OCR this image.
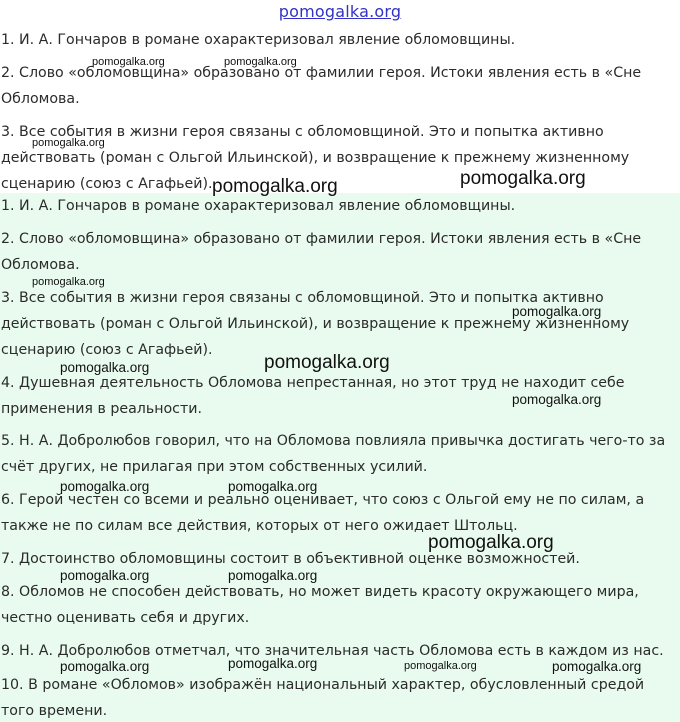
pomogalka.org
1. И. А. Гончаров в романе охарактеризовал явление обломовщины.
2. Слово «обломовщина» образовано от фамилии героя. Истоки явления есть в «Сне
Обломова.
3. Все события в жизни героя связаны с обломовщиной. Это и попытка активно
действовать (роман с Ольгой Ильинской), и возвращение к прежнему жизненному
сценарию (союз с Агафьей).
1. И. А. Гончаров в романе охарактеризовал явление обломовщины.
2. Слово «обломовщина» образовано от фамилии героя. Истоки явления есть в «Сне
Обломова.
3. Все события в жизни героя связаны с обломовщиной. Это и попытка активно
действовать (роман с Ольгой Ильинской), и возвращение к прежнему жизненному
сценарию (союз с Агафьей).
4. Душевная деятельность Обломова непрестанная, но этот труд не находит себе
применения в реальности.
5. Н. А. Добролюбов говорил, что на Обломова повлияла привычка достигать чего-то за
счёт других, не прилагая при этом собственных усилий.
6. Герой честен со всеми и реально оценивает, что союз с Ольгой ему не по силам, а
также не по силам все действия, которых от него ожидает Штольц.
7. Достоинство обломовщины состоит в объективной оценке возможностей.
8. Обломов не способен действовать, но может видеть красоту окружающего мира,
честно оценивать себя и других.
9. Н. А. Добролюбов отметчал, что значительная часть Обломова есть в каждом из нас.
10. В романе «Обломов» изображён национальный характер, обусловленный средой
того времени.
pomogalka.org	pomogalka.org
pomogalka.org
pomogalka.org	pomogalka.org
pomogalka.org
pomogalka.org
pomogalka.org
pomogalka.org
pomogalka.org
pomogalka.org	pomogalka.org
pomogalka.org
pomogalka.org	pomogalka.org
pomogalka.org	pomogalka.org	pomogalka.org	pomogalka.org
